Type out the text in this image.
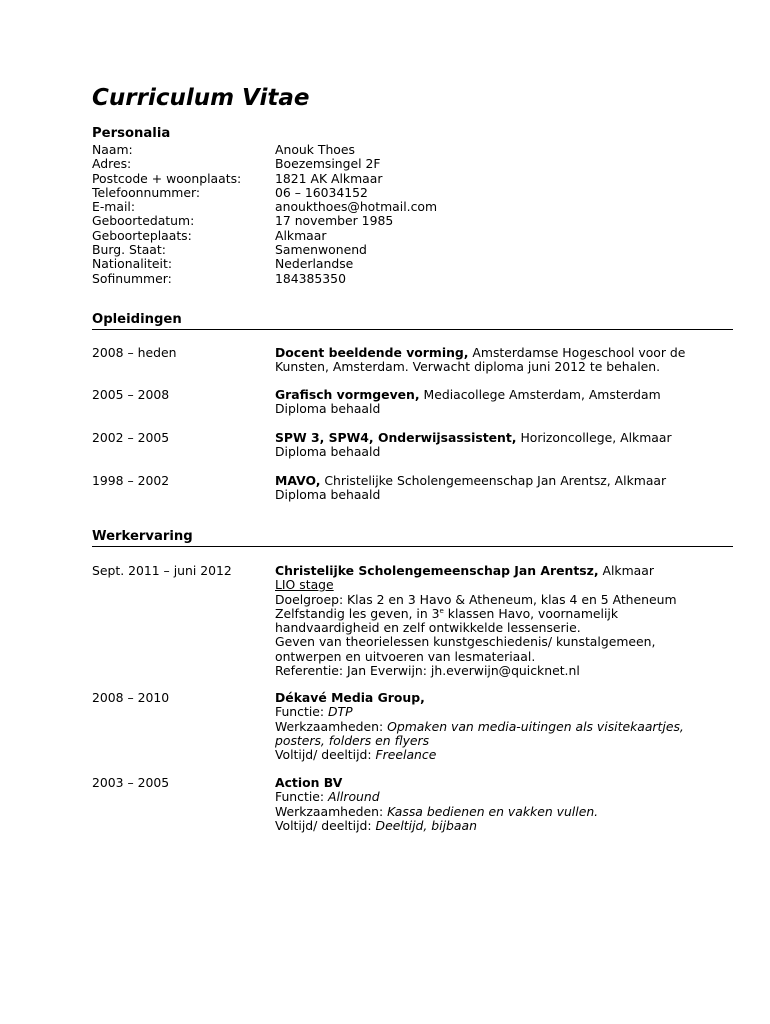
Curriculum Vitae
Personalia
Naam:	Anouk Thoes
Adres:	Boezemsingel 2F
Postcode + woonplaats:	1821 AK Alkmaar
Telefoonnummer:	06 – 16034152
E-mail:	anoukthoes@hotmail.com
Geboortedatum:	17 november 1985
Geboorteplaats:	Alkmaar
Burg. Staat:	Samenwonend
Nationaliteit:	Nederlandse
Sofinummer:	184385350
Opleidingen
2008 – heden	Docent beeldende vorming, Amsterdamse Hogeschool voor de
Kunsten, Amsterdam. Verwacht diploma juni 2012 te behalen.
2005 – 2008	Grafisch vormgeven, Mediacollege Amsterdam, Amsterdam
Diploma behaald
2002 – 2005	SPW 3, SPW4, Onderwijsassistent, Horizoncollege, Alkmaar
Diploma behaald
1998 – 2002	MAVO, Christelijke Scholengemeenschap Jan Arentsz, Alkmaar
Diploma behaald
Werkervaring
Sept. 2011 – juni 2012	Christelijke Scholengemeenschap Jan Arentsz, Alkmaar
LIO stage
Doelgroep: Klas 2 en 3 Havo & Atheneum, klas 4 en 5 Atheneum
Zelfstandig les geven, in 3e klassen Havo, voornamelijk
handvaardigheid en zelf ontwikkelde lessenserie.
Geven van theorielessen kunstgeschiedenis/ kunstalgemeen,
ontwerpen en uitvoeren van lesmateriaal.
Referentie: Jan Everwijn: jh.everwijn@quicknet.nl
2008 – 2010	Dékavé Media Group,
Functie: DTP
Werkzaamheden: Opmaken van media-uitingen als visitekaartjes,
posters, folders en flyers
Voltijd/ deeltijd: Freelance
2003 – 2005	Action BV
Functie: Allround
Werkzaamheden: Kassa bedienen en vakken vullen.
Voltijd/ deeltijd: Deeltijd, bijbaan
